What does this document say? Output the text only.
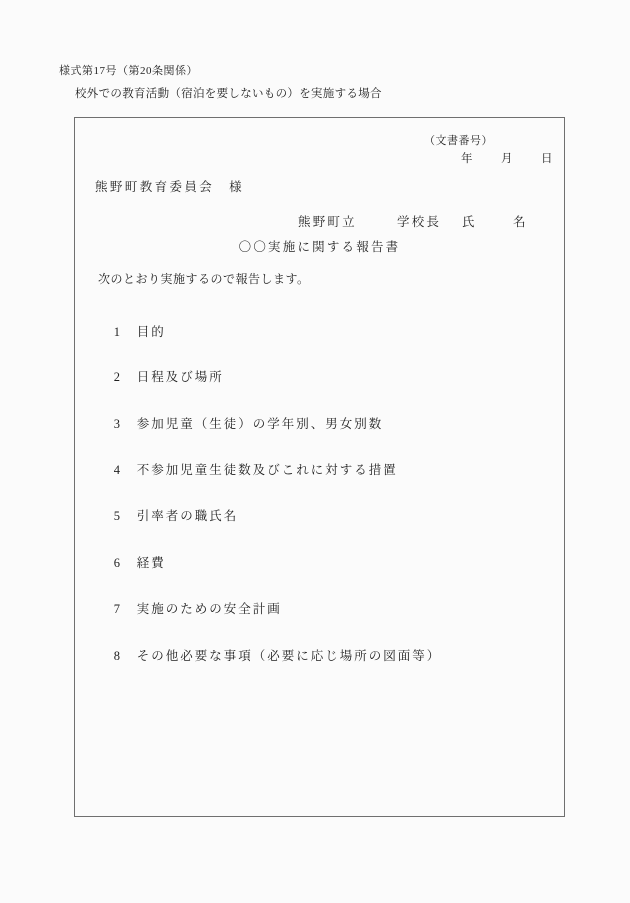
様式第17号（第20条関係）
校外での教育活動（宿泊を要しないもの）を実施する場合
（文書番号）
年 月 日
熊野町教育委員会　様
熊野町立	学校長 氏	名
〇〇実施に関する報告書
次のとおり実施するので報告します。

1 目的

2 日程及び場所

3 参加児童（生徒）の学年別、男女別数

4 不参加児童生徒数及びこれに対する措置

5 引率者の職氏名

6 経費

7 実施のための安全計画

8 その他必要な事項（必要に応じ場所の図面等）
